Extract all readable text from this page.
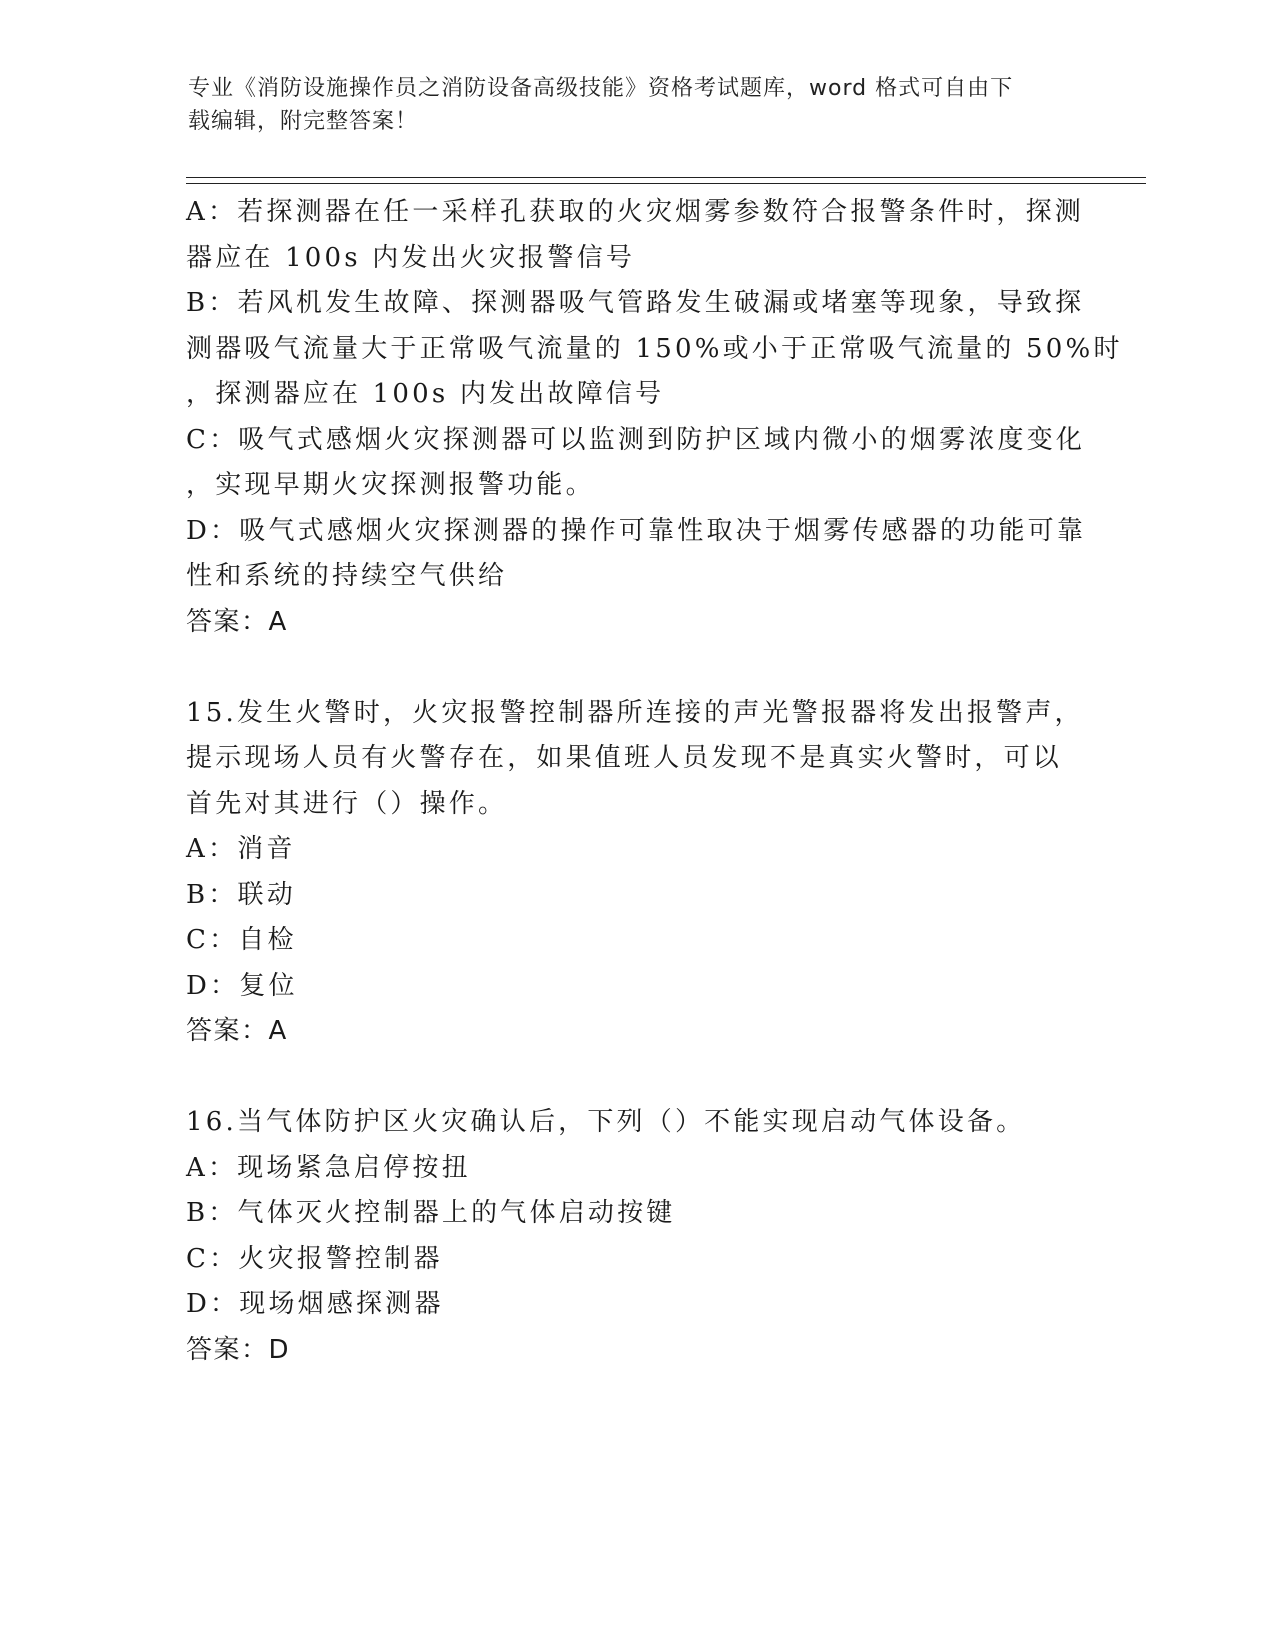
专业《消防设施操作员之消防设备高级技能》资格考试题库，word 格式可自由下
载编辑，附完整答案！
A：若探测器在任一采样孔获取的火灾烟雾参数符合报警条件时，探测
器应在 100s 内发出火灾报警信号
B：若风机发生故障、探测器吸气管路发生破漏或堵塞等现象，导致探
测器吸气流量大于正常吸气流量的 150%或小于正常吸气流量的 50%时
，探测器应在 100s 内发出故障信号
C：吸气式感烟火灾探测器可以监测到防护区域内微小的烟雾浓度变化
，实现早期火灾探测报警功能。
D：吸气式感烟火灾探测器的操作可靠性取决于烟雾传感器的功能可靠
性和系统的持续空气供给
答案：A
15.发生火警时，火灾报警控制器所连接的声光警报器将发出报警声，
提示现场人员有火警存在，如果值班人员发现不是真实火警时，可以
首先对其进行（）操作。
A：消音
B：联动
C：自检
D：复位
答案：A
16.当气体防护区火灾确认后，下列（）不能实现启动气体设备。
A：现场紧急启停按扭
B：气体灭火控制器上的气体启动按键
C：火灾报警控制器
D：现场烟感探测器
答案：D
